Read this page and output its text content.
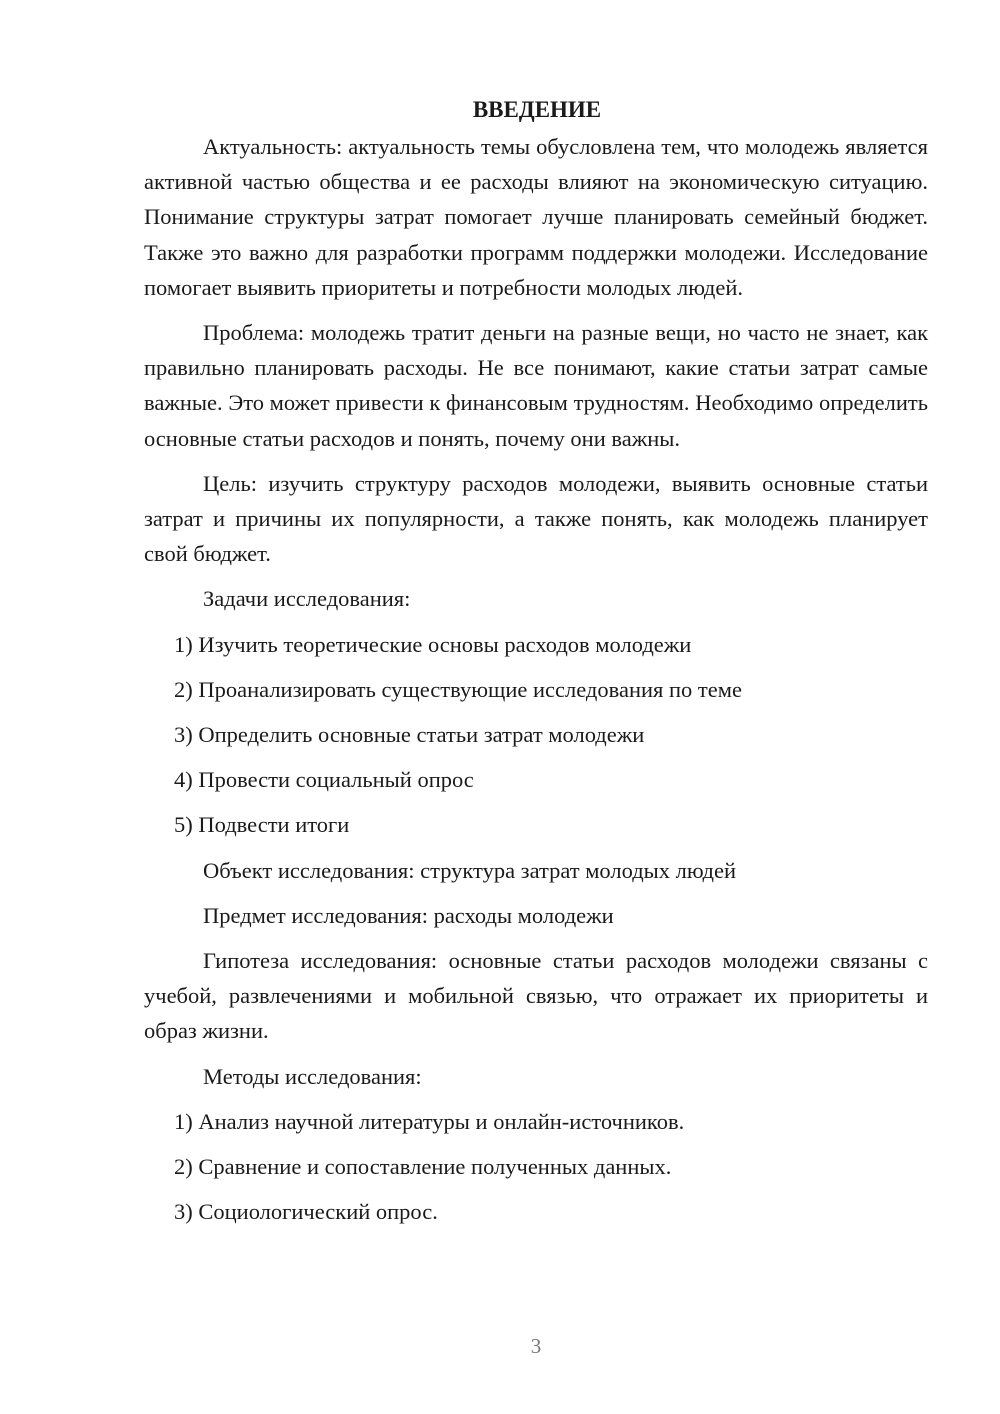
ВВЕДЕНИЕ

Актуальность: актуальность темы обусловлена тем, что молодежь является активной частью общества и ее расходы влияют на экономическую ситуацию. Понимание структуры затрат помогает лучше планировать семейный бюджет. Также это важно для разработки программ поддержки молодежи. Исследование помогает выявить приоритеты и потребности молодых людей.

Проблема: молодежь тратит деньги на разные вещи, но часто не знает, как правильно планировать расходы. Не все понимают, какие статьи затрат самые важные. Это может привести к финансовым трудностям. Необходимо определить основные статьи расходов и понять, почему они важны.

Цель: изучить структуру расходов молодежи, выявить основные статьи затрат и причины их популярности, а также понять, как молодежь планирует свой бюджет.

Задачи исследования:

1) Изучить теоретические основы расходов молодежи

2) Проанализировать существующие исследования по теме

3) Определить основные статьи затрат молодежи

4) Провести социальный опрос

5) Подвести итоги

Объект исследования: структура затрат молодых людей

Предмет исследования: расходы молодежи

Гипотеза исследования: основные статьи расходов молодежи связаны с учебой, развлечениями и мобильной связью, что отражает их приоритеты и образ жизни.

Методы исследования:

1) Анализ научной литературы и онлайн-источников.

2) Сравнение и сопоставление полученных данных.

3) Социологический опрос.

3
